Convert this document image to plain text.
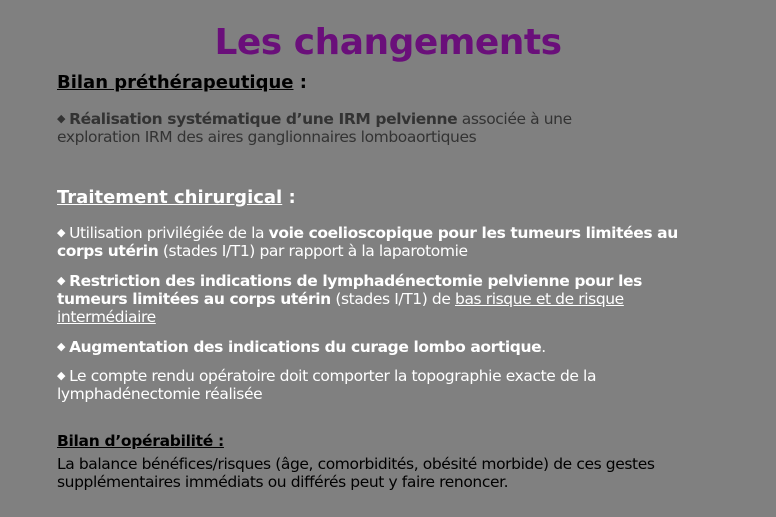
Les changements
Bilan préthérapeutique :
◆ Réalisation systématique d’une IRM pelvienne associée à une exploration IRM des aires ganglionnaires lomboaortiques
Traitement chirurgical :
◆ Utilisation privilégiée de la voie coelioscopique pour les tumeurs limitées au corps utérin (stades I/T1) par rapport à la laparotomie
◆ Restriction des indications de lymphadénectomie pelvienne pour les tumeurs limitées au corps utérin (stades I/T1) de bas risque et de risque intermédiaire
◆ Augmentation des indications du curage lombo aortique.
◆ Le compte rendu opératoire doit comporter la topographie exacte de la lymphadénectomie réalisée
Bilan d’opérabilité :
La balance bénéfices/risques (âge, comorbidités, obésité morbide) de ces gestes supplémentaires immédiats ou différés peut y faire renoncer.
